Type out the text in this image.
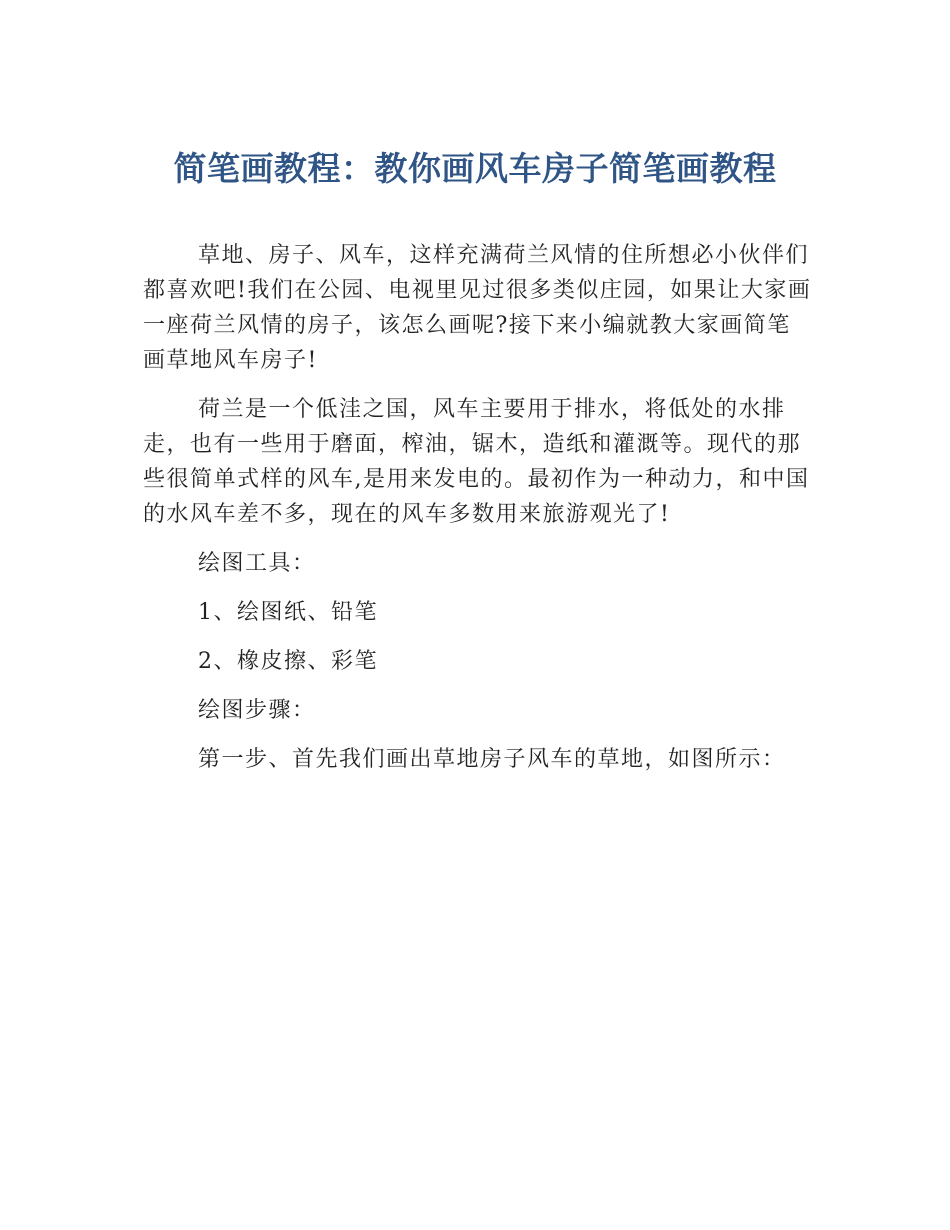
简笔画教程：教你画风车房子简笔画教程

草地、房子、风车，这样充满荷兰风情的住所想必小伙伴们都喜欢吧!我们在公园、电视里见过很多类似庄园，如果让大家画一座荷兰风情的房子，该怎么画呢?接下来小编就教大家画简笔画草地风车房子!

荷兰是一个低洼之国，风车主要用于排水，将低处的水排走，也有一些用于磨面，榨油，锯木，造纸和灌溉等。现代的那些很简单式样的风车,是用来发电的。最初作为一种动力，和中国的水风车差不多，现在的风车多数用来旅游观光了!

绘图工具：

1、绘图纸、铅笔

2、橡皮擦、彩笔

绘图步骤：

第一步、首先我们画出草地房子风车的草地，如图所示：
